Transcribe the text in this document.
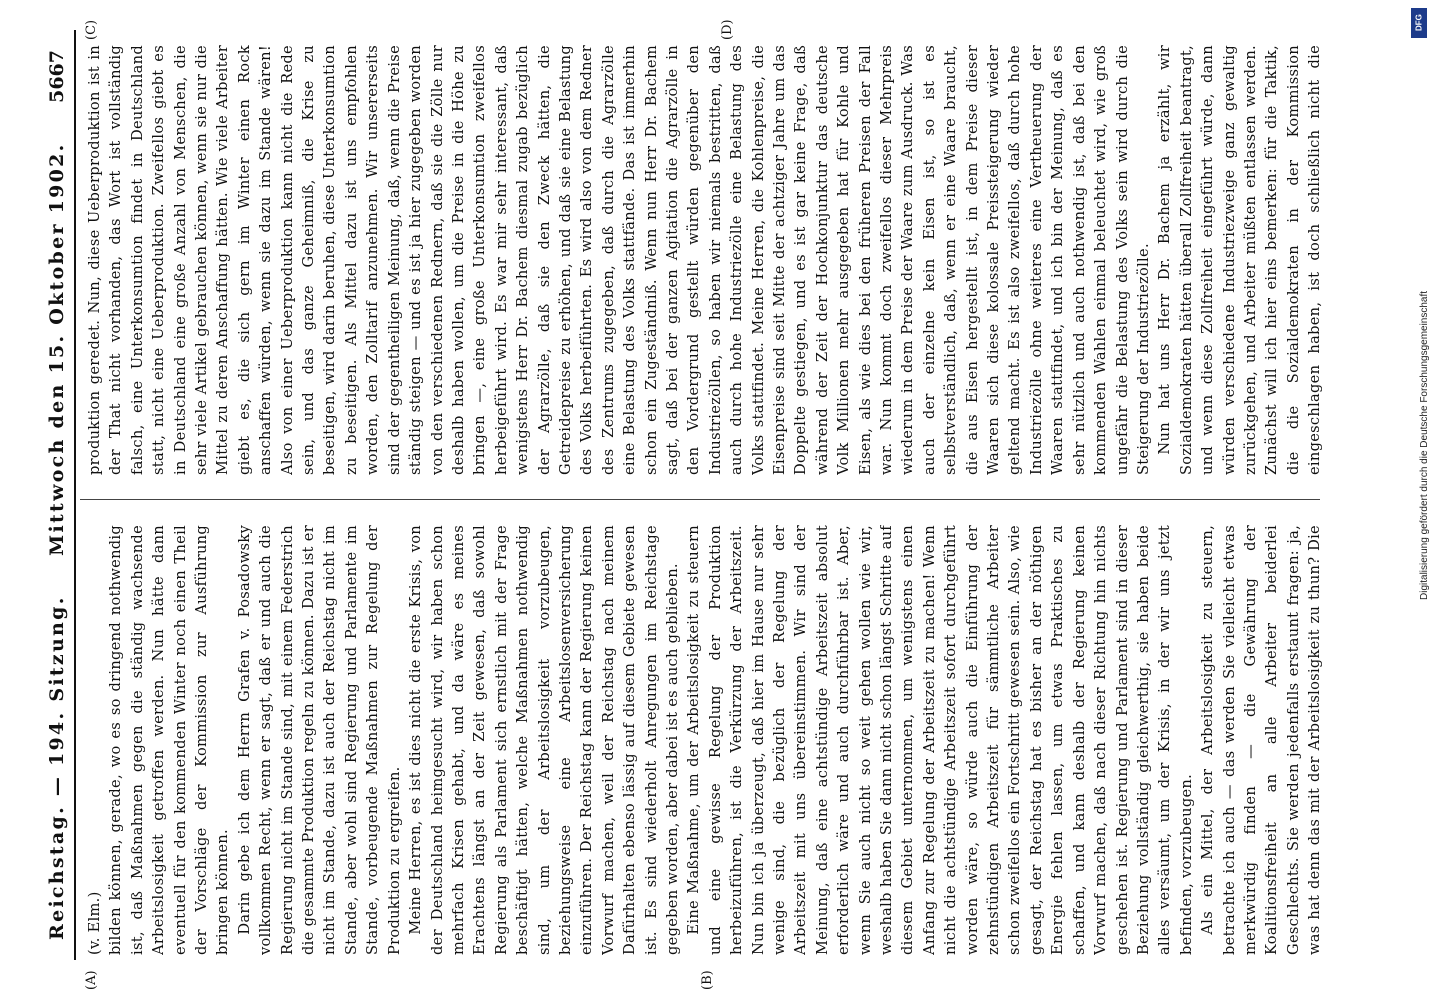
Reichstag. — 194. Sitzung.
Mittwoch den 15. Oktober 1902.
5667
(A)	(B)
(C)	(D)

(v. Elm.) bilden können, gerade, wo es so dringend nothwendig ist, daß Maßnahmen gegen die ständig wachsende Arbeitslosigkeit getroffen werden. Nun hätte dann eventuell für den kommenden Winter noch einen Theil der Vorschläge der Kommission zur Ausführung bringen können. Darin gebe ich dem Herrn Grafen v. Posadowsky vollkommen Recht, wenn er sagt, daß er und auch die Regierung nicht im Stande sind, mit einem Federstrich die gesammte Produktion regeln zu können. Dazu ist er nicht im Stande, dazu ist auch der Reichstag nicht im Stande, aber wohl sind Regierung und Parlamente im Stande, vorbeugende Maßnahmen zur Regelung der Produktion zu ergreifen. Meine Herren, es ist dies nicht die erste Krisis, von der Deutschland heimgesucht wird, wir haben schon mehrfach Krisen gehabt, und da wäre es meines Erachtens längst an der Zeit gewesen, daß sowohl Regierung als Parlament sich ernstlich mit der Frage beschäftigt hätten, welche Maßnahmen nothwendig sind, um der Arbeitslosigkeit vorzubeugen, beziehungsweise eine Arbeitslosenversicherung einzuführen. Der Reichstag kann der Regierung keinen Vorwurf machen, weil der Reichstag nach meinem Dafürhalten ebenso lässig auf diesem Gebiete gewesen ist. Es sind wiederholt Anregungen im Reichstage gegeben worden, aber dabei ist es auch geblieben. Eine Maßnahme, um der Arbeitslosigkeit zu steuern und eine gewisse Regelung der Produktion herbeizuführen, ist die Verkürzung der Arbeitszeit. Nun bin ich ja überzeugt, daß hier im Hause nur sehr wenige sind, die bezüglich der Regelung der Arbeitszeit mit uns übereinstimmen. Wir sind der Meinung, daß eine achtstündige Arbeitszeit absolut erforderlich wäre und auch durchführbar ist. Aber, wenn Sie auch nicht so weit gehen wollen wie wir, weshalb haben Sie dann nicht schon längst Schritte auf diesem Gebiet unternommen, um wenigstens einen Anfang zur Regelung der Arbeitszeit zu machen! Wenn nicht die achtstündige Arbeitszeit sofort durchgeführt worden wäre, so würde auch die Einführung der zehnstündigen Arbeitszeit für sämmtliche Arbeiter schon zweifellos ein Fortschritt gewesen sein. Also, wie gesagt, der Reichstag hat es bisher an der nöthigen Energie fehlen lassen, um etwas Praktisches zu schaffen, und kann deshalb der Regierung keinen Vorwurf machen, daß nach dieser Richtung hin nichts geschehen ist. Regierung und Parlament sind in dieser Beziehung vollständig gleichwerthig, sie haben beide alles versäumt, um der Krisis, in der wir uns jetzt befinden, vorzubeugen. Als ein Mittel, der Arbeitslosigkeit zu steuern, betrachte ich auch — das werden Sie vielleicht etwas merkwürdig finden — die Gewährung der Koalitionsfreiheit an alle Arbeiter beiderlei Geschlechts. Sie werden jedenfalls erstaunt fragen: ja, was hat denn das mit der Arbeitslosigkeit zu thun? Die

produktion geredet. Nun, diese Ueberproduktion ist in der That nicht vorhanden, das Wort ist vollständig falsch, eine Unterkonsumtion findet in Deutschland statt, nicht eine Ueberproduktion. Zweifellos giebt es in Deutschland eine große Anzahl von Menschen, die sehr viele Artikel gebrauchen können, wenn sie nur die Mittel zu deren Anschaffung hätten. Wie viele Arbeiter giebt es, die sich gern im Winter einen Rock anschaffen würden, wenn sie dazu im Stande wären! Also von einer Ueberproduktion kann nicht die Rede sein, und das ganze Geheimniß, die Krise zu beseitigen, wird darin beruhen, diese Unterkonsumtion zu beseitigen. Als Mittel dazu ist uns empfohlen worden, den Zolltarif anzunehmen. Wir unsererseits sind der gegentheiligen Meinung, daß, wenn die Preise ständig steigen — und es ist ja hier zugegeben worden von den verschiedenen Rednern, daß sie die Zölle nur deshalb haben wollen, um die Preise in die Höhe zu bringen —, eine große Unterkonsumtion zweifellos herbeigeführt wird. Es war mir sehr interessant, daß wenigstens Herr Dr. Bachem diesmal zugab bezüglich der Agrarzölle, daß sie den Zweck hätten, die Getreidepreise zu erhöhen, und daß sie eine Belastung des Volks herbeiführten. Es wird also von dem Redner des Zentrums zugegeben, daß durch die Agrarzölle eine Belastung des Volks stattfände. Das ist immerhin schon ein Zugeständniß. Wenn nun Herr Dr. Bachem sagt, daß bei der ganzen Agitation die Agrarzölle in den Vordergrund gestellt würden gegenüber den Industriezöllen, so haben wir niemals bestritten, daß auch durch hohe Industriezölle eine Belastung des Volks stattfindet. Meine Herren, die Kohlenpreise, die Eisenpreise sind seit Mitte der achtziger Jahre um das Doppelte gestiegen, und es ist gar keine Frage, daß während der Zeit der Hochkonjunktur das deutsche Volk Millionen mehr ausgegeben hat für Kohle und Eisen, als wie dies bei den früheren Preisen der Fall war. Nun kommt doch zweifellos dieser Mehrpreis wiederum in dem Preise der Waare zum Ausdruck. Was auch der einzelne kein Eisen ist, so ist es selbstverständlich, daß, wenn er eine Waare braucht, die aus Eisen hergestellt ist, in dem Preise dieser Waaren sich diese kolossale Preissteigerung wieder geltend macht. Es ist also zweifellos, daß durch hohe Industriezölle ohne weiteres eine Vertheuerung der Waaren stattfindet, und ich bin der Meinung, daß es sehr nützlich und auch nothwendig ist, daß bei den kommenden Wahlen einmal beleuchtet wird, wie groß ungefähr die Belastung des Volks sein wird durch die Steigerung der Industriezölle. Nun hat uns Herr Dr. Bachem ja erzählt, wir Sozialdemokraten hätten überall Zollfreiheit beantragt, und wenn diese Zollfreiheit eingeführt würde, dann würden verschiedene Industriezweige ganz gewaltig zurückgehen, und Arbeiter müßten entlassen werden. Zunächst will ich hier eins bemerken: für die Taktik, die die Sozialdemokraten in der Kommission eingeschlagen haben, ist doch schließlich nicht die

DFG
Digitalisierung gefördert durch die Deutsche Forschungsgemeinschaft
